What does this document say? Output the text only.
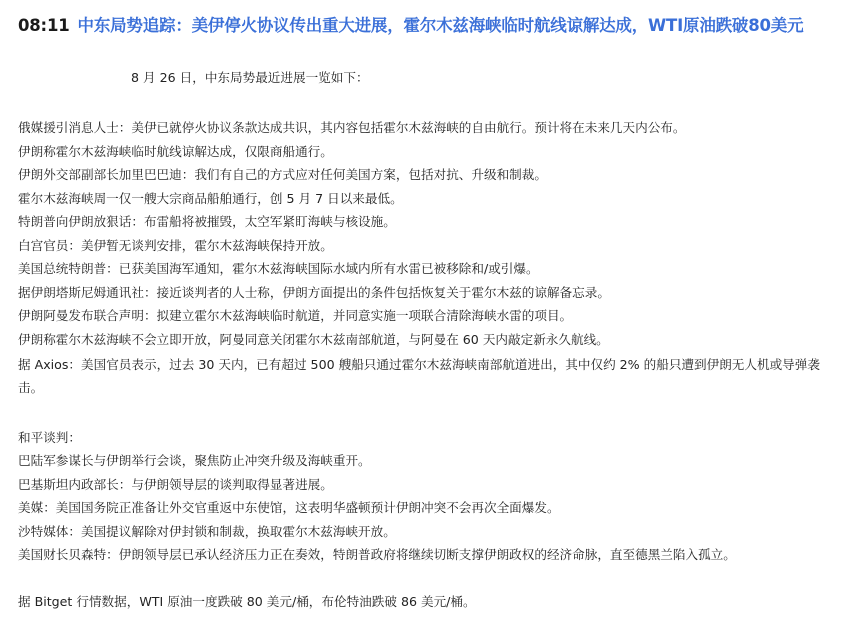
08:11 中东局势追踪：美伊停火协议传出重大进展，霍尔木兹海峡临时航线谅解达成，WTI原油跌破80美元
8 月 26 日，中东局势最近进展一览如下：
俄媒援引消息人士：美伊已就停火协议条款达成共识，其内容包括霍尔木兹海峡的自由航行。预计将在未来几天内公布。
伊朗称霍尔木兹海峡临时航线谅解达成，仅限商船通行。
伊朗外交部副部长加里巴巴迪：我们有自己的方式应对任何美国方案，包括对抗、升级和制裁。
霍尔木兹海峡周一仅一艘大宗商品船舶通行，创 5 月 7 日以来最低。
特朗普向伊朗放狠话：布雷船将被摧毁，太空军紧盯海峡与核设施。
白宫官员：美伊暂无谈判安排，霍尔木兹海峡保持开放。
美国总统特朗普：已获美国海军通知，霍尔木兹海峡国际水域内所有水雷已被移除和/或引爆。
据伊朗塔斯尼姆通讯社：接近谈判者的人士称，伊朗方面提出的条件包括恢复关于霍尔木兹的谅解备忘录。
伊朗阿曼发布联合声明：拟建立霍尔木兹海峡临时航道，并同意实施一项联合清除海峡水雷的项目。
伊朗称霍尔木兹海峡不会立即开放，阿曼同意关闭霍尔木兹南部航道，与阿曼在 60 天内敲定新永久航线。
据 Axios：美国官员表示，过去 30 天内，已有超过 500 艘船只通过霍尔木兹海峡南部航道进出，其中仅约 2% 的船只遭到伊朗无人机或导弹袭击。
和平谈判：
巴陆军参谋长与伊朗举行会谈，聚焦防止冲突升级及海峡重开。
巴基斯坦内政部长：与伊朗领导层的谈判取得显著进展。
美媒：美国国务院正准备让外交官重返中东使馆，这表明华盛顿预计伊朗冲突不会再次全面爆发。
沙特媒体：美国提议解除对伊封锁和制裁，换取霍尔木兹海峡开放。
美国财长贝森特：伊朗领导层已承认经济压力正在奏效，特朗普政府将继续切断支撑伊朗政权的经济命脉，直至德黑兰陷入孤立。
据 Bitget 行情数据，WTI 原油一度跌破 80 美元/桶，布伦特油跌破 86 美元/桶。
